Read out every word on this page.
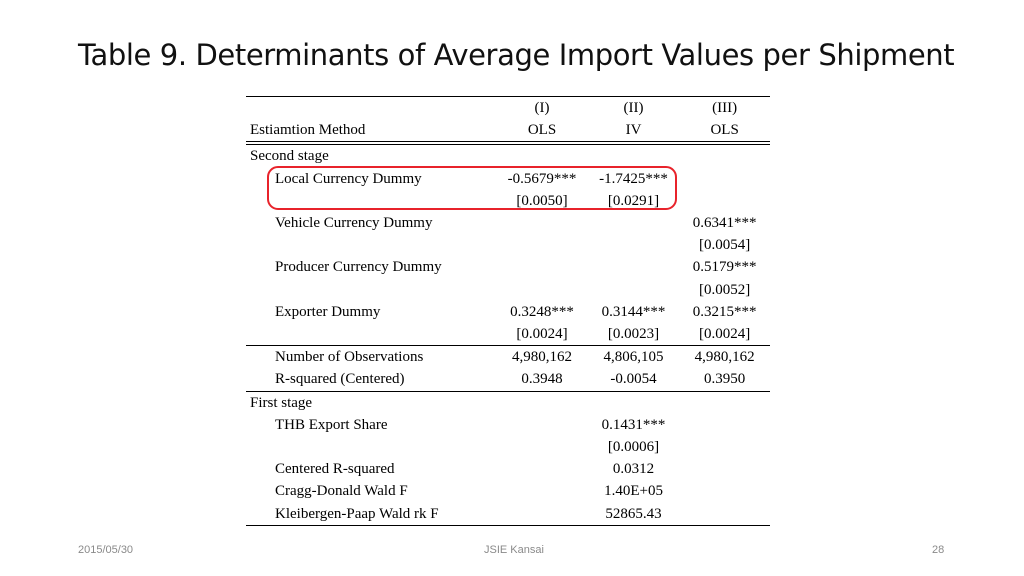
Table 9. Determinants of Average Import Values per Shipment
	(I)	(II)	(III)
Estiamtion Method	OLS	IV	OLS
Second stage			
Local Currency Dummy	-0.5679***	-1.7425***	
	[0.0050]	[0.0291]	
Vehicle Currency Dummy			0.6341***
			[0.0054]
Producer Currency Dummy			0.5179***
			[0.0052]
Exporter Dummy	0.3248***	0.3144***	0.3215***
	[0.0024]	[0.0023]	[0.0024]
Number of Observations	4,980,162	4,806,105	4,980,162
R-squared (Centered)	0.3948	-0.0054	0.3950
First stage			
THB Export Share		0.1431***	
		[0.0006]	
Centered R-squared		0.0312	
Cragg-Donald Wald F		1.40E+05	
Kleibergen-Paap Wald rk F		52865.43	
2015/05/30	JSIE Kansai	28
